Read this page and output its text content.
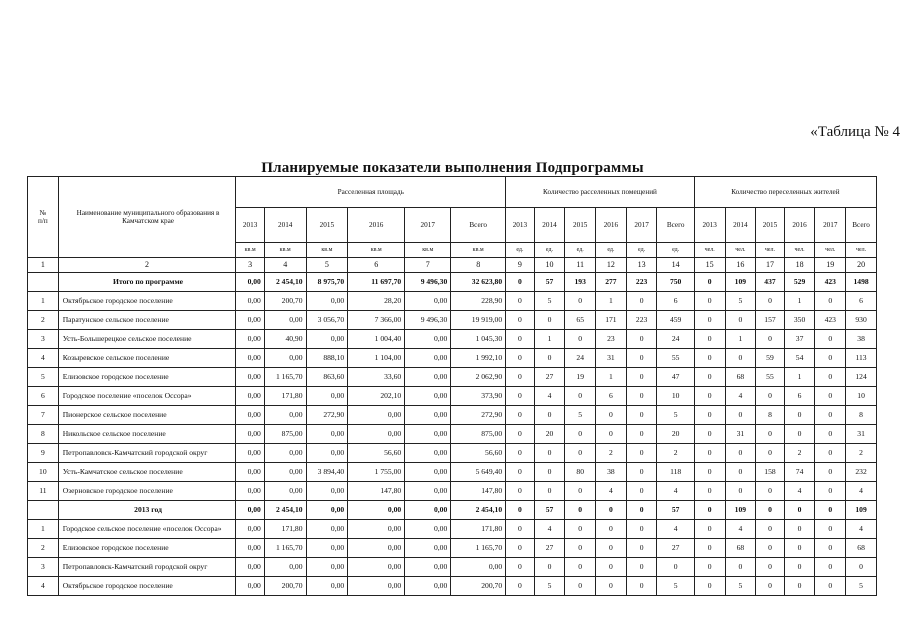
«Таблица № 4
Планируемые показатели выполнения Подпрограммы
№
п/п	Наименование муниципального образования в Камчатском крае	Расселенная площадь						Количество расселенных помещений						Количество переселенных жителей					
		2013	2014	2015	2016	2017	Всего	2013	2014	2015	2016	2017	Всего	2013	2014	2015	2016	2017	Всего
		кв.м	кв.м	кв.м	кв.м	кв.м	кв.м	ед.	ед.	ед.	ед.	ед.	ед.	чел.	чел.	чел.	чел.	чел.	чел.
1	2	3	4	5	6	7	8	9	10	11	12	13	14	15	16	17	18	19	20
	Итого по программе	0,00	2 454,10	8 975,70	11 697,70	9 496,30	32 623,80	0	57	193	277	223	750	0	109	437	529	423	1498
1	Октябрьское городское поселение	0,00	200,70	0,00	28,20	0,00	228,90	0	5	0	1	0	6	0	5	0	1	0	6
2	Паратунское сельское поселение	0,00	0,00	3 056,70	7 366,00	9 496,30	19 919,00	0	0	65	171	223	459	0	0	157	350	423	930
3	Усть-Большерецкое сельское поселение	0,00	40,90	0,00	1 004,40	0,00	1 045,30	0	1	0	23	0	24	0	1	0	37	0	38
4	Козыревское сельское поселение	0,00	0,00	888,10	1 104,00	0,00	1 992,10	0	0	24	31	0	55	0	0	59	54	0	113
5	Елизовское городское поселение	0,00	1 165,70	863,60	33,60	0,00	2 062,90	0	27	19	1	0	47	0	68	55	1	0	124
6	Городское поселение «поселок Оссора»	0,00	171,80	0,00	202,10	0,00	373,90	0	4	0	6	0	10	0	4	0	6	0	10
7	Пионерское сельское поселение	0,00	0,00	272,90	0,00	0,00	272,90	0	0	5	0	0	5	0	0	8	0	0	8
8	Никольское сельское поселение	0,00	875,00	0,00	0,00	0,00	875,00	0	20	0	0	0	20	0	31	0	0	0	31
9	Петропавловск-Камчатский городской округ	0,00	0,00	0,00	56,60	0,00	56,60	0	0	0	2	0	2	0	0	0	2	0	2
10	Усть-Камчатское сельское поселение	0,00	0,00	3 894,40	1 755,00	0,00	5 649,40	0	0	80	38	0	118	0	0	158	74	0	232
11	Озерновское городское поселение	0,00	0,00	0,00	147,80	0,00	147,80	0	0	0	4	0	4	0	0	0	4	0	4
	2013 год	0,00	2 454,10	0,00	0,00	0,00	2 454,10	0	57	0	0	0	57	0	109	0	0	0	109
1	Городское сельское поселение «поселок Оссора»	0,00	171,80	0,00	0,00	0,00	171,80	0	4	0	0	0	4	0	4	0	0	0	4
2	Елизовское городское поселение	0,00	1 165,70	0,00	0,00	0,00	1 165,70	0	27	0	0	0	27	0	68	0	0	0	68
3	Петропавловск-Камчатский городской округ	0,00	0,00	0,00	0,00	0,00	0,00	0	0	0	0	0	0	0	0	0	0	0	0
4	Октябрьское городское поселение	0,00	200,70	0,00	0,00	0,00	200,70	0	5	0	0	0	5	0	5	0	0	0	5
